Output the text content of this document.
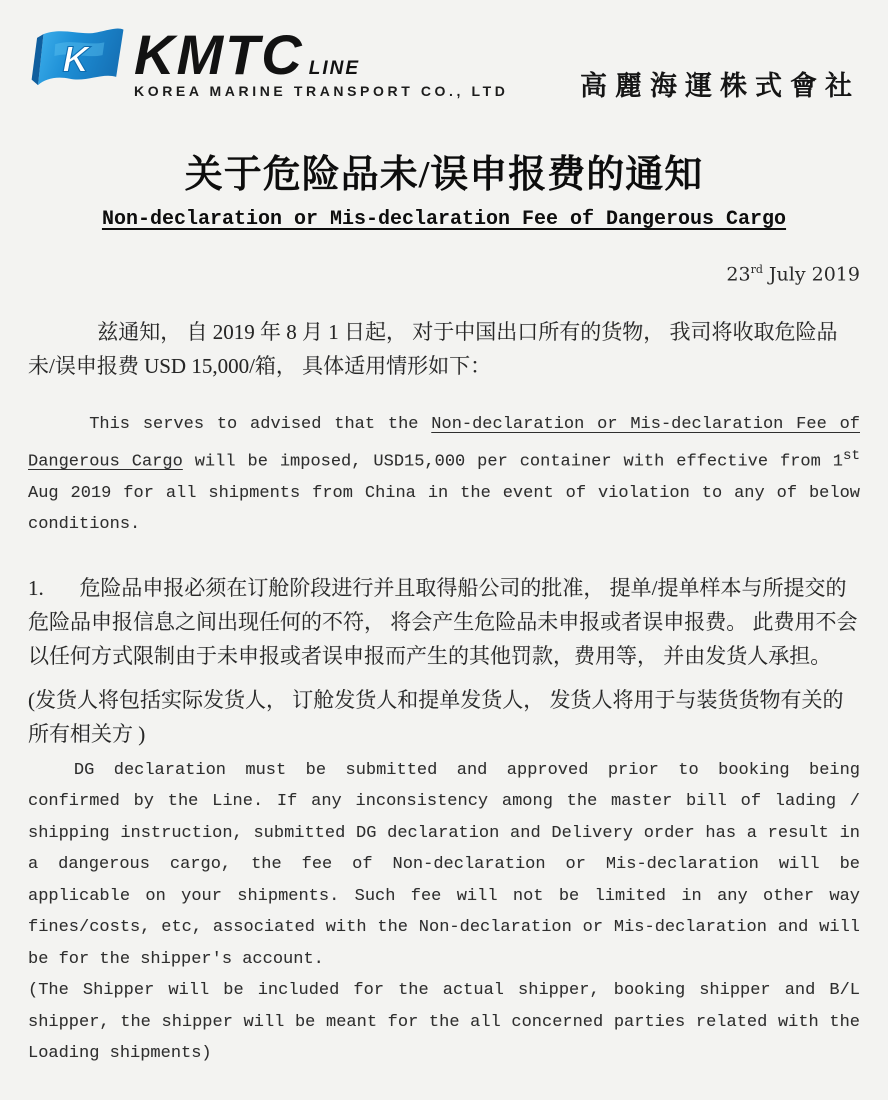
K KMTC LINE
KOREA MARINE TRANSPORT CO., LTD	高麗海運株式會社
关于危险品未/误申报费的通知
Non-declaration or Mis-declaration Fee of Dangerous Cargo
23rd July 2019

兹通知， 自 2019 年 8 月 1 日起， 对于中国出口所有的货物， 我司将收取危险品未/误申报费 USD 15,000/箱， 具体适用情形如下：

This serves to advised that the Non-declaration or Mis-declaration Fee of Dangerous Cargo will be imposed, USD15,000 per container with effective from 1st Aug 2019 for all shipments from China in the event of violation to any of below conditions.

1. 危险品申报必须在订舱阶段进行并且取得船公司的批准， 提单/提单样本与所提交的危险品申报信息之间出现任何的不符， 将会产生危险品未申报或者误申报费。 此费用不会以任何方式限制由于未申报或者误申报而产生的其他罚款，费用等， 并由发货人承担。

(发货人将包括实际发货人， 订舱发货人和提单发货人， 发货人将用于与装货货物有关的所有相关方 )

DG declaration must be submitted and approved prior to booking being confirmed by the Line. If any inconsistency among the master bill of lading / shipping instruction, submitted DG declaration and Delivery order has a result in a dangerous cargo, the fee of Non-declaration or Mis-declaration will be applicable on your shipments. Such fee will not be limited in any other way fines/costs, etc, associated with the Non-declaration or Mis-declaration and will be for the shipper's account.

(The Shipper will be included for the actual shipper, booking shipper and B/L shipper, the shipper will be meant for the all concerned parties related with the Loading shipments)
